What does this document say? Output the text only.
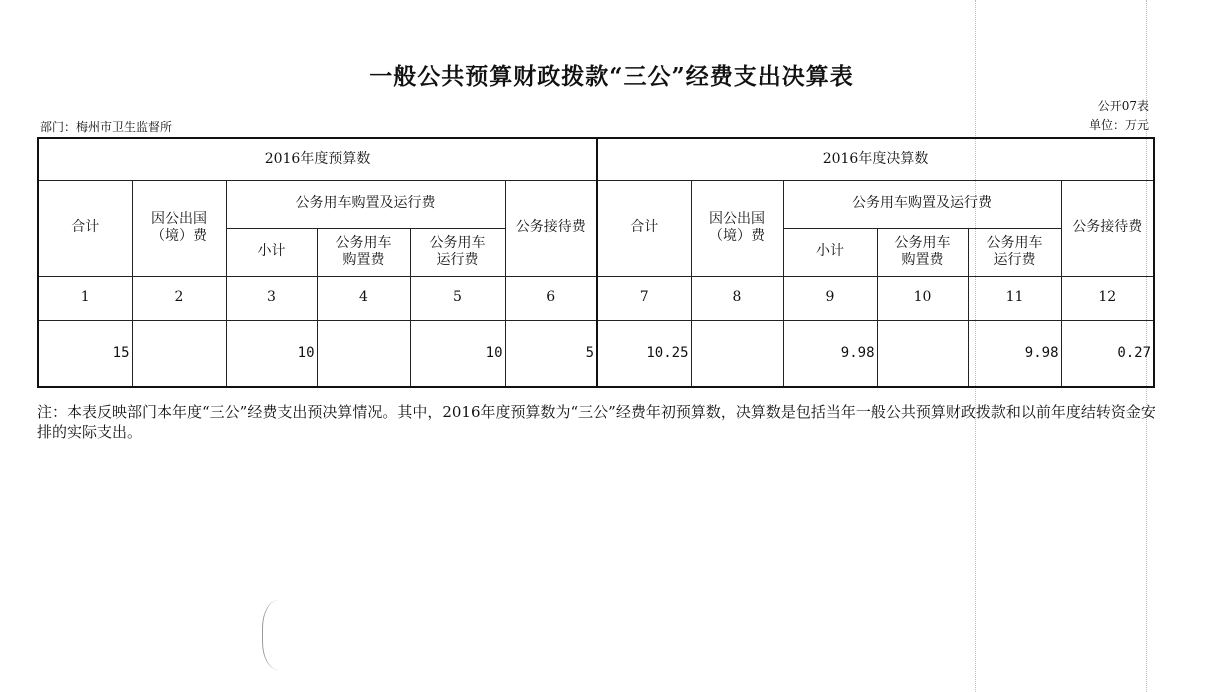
一般公共预算财政拨款“三公”经费支出决算表
公开07表
单位：万元
部门：梅州市卫生监督所
2016年度预算数						2016年度决算数					
合计	因公出国（境）费	公务用车购置及运行费			公务接待费	合计	因公出国（境）费	公务用车购置及运行费			公务接待费
		小计	公务用车购置费	公务用车运行费				小计	公务用车购置费	公务用车运行费	
1	2	3	4	5	6	7	8	9	10	11	12
15		10		10	5	10.25		9.98		9.98	0.27
注：本表反映部门本年度“三公”经费支出预决算情况。其中，2016年度预算数为“三公”经费年初预算数，决算数是包括当年一般公共预算财政拨款和以前年度结转资金安排的实际支出。
